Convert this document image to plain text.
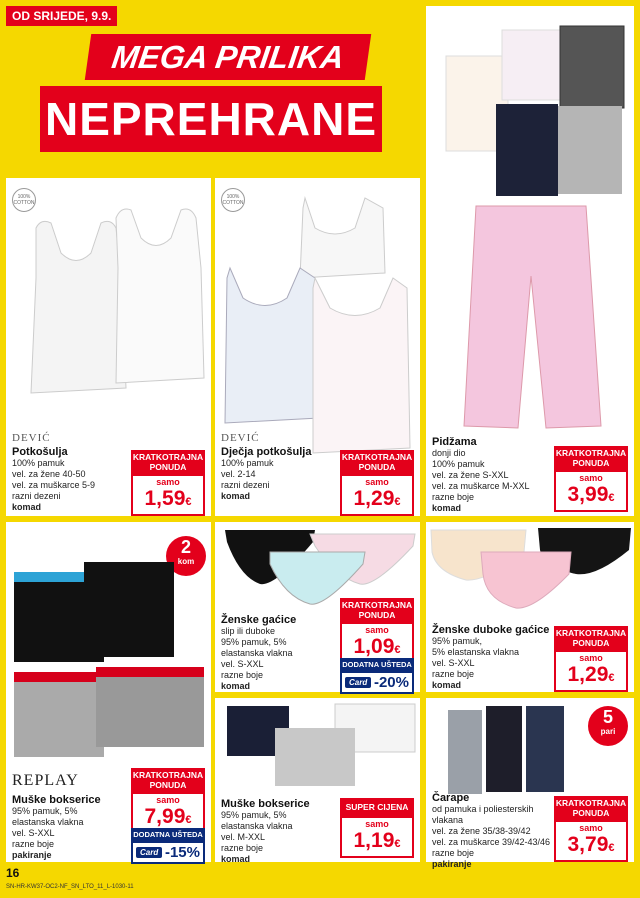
OD SRIJEDE, 9.9.
MEGA PRILIKA
NEPREHRANE
100% COTTON
DEVIĆ
Potkošulja
100% pamuk
vel. za žene 40-50
vel. za muškarce 5-9
razni dezeni
komad
KRATKOTRAJNA PONUDA
samo
1,59€
100% COTTON
DEVIĆ
Dječja potkošulja
100% pamuk
vel. 2-14
razni dezeni
komad
KRATKOTRAJNA PONUDA
samo
1,29€
Pidžama
donji dio
100% pamuk
vel. za žene S-XXL
vel. za muškarce M-XXL
razne boje
komad
KRATKOTRAJNA PONUDA
samo
3,99€
2
kom
REPLAY
Muške bokserice
95% pamuk, 5%
elastanska vlakna
vel. S-XXL
razne boje
pakiranje
KRATKOTRAJNA PONUDA
samo
7,99€
DODATNA UŠTEDA
Card -15%
Ženske gaćice
slip ili duboke
95% pamuk, 5%
elastanska vlakna
vel. S-XXL
razne boje
komad
KRATKOTRAJNA PONUDA
samo
1,09€
DODATNA UŠTEDA
Card -20%
Ženske duboke gaćice
95% pamuk,
5% elastanska vlakna
vel. S-XXL
razne boje
komad
KRATKOTRAJNA PONUDA
samo
1,29€
Muške bokserice
95% pamuk, 5%
elastanska vlakna
vel. M-XXL
razne boje
komad
SUPER CIJENA
samo
1,19€
5
pari
Čarape
od pamuka i poliesterskih
vlakana
vel. za žene 35/38-39/42
vel. za muškarce 39/42-43/46
razne boje
pakiranje
KRATKOTRAJNA PONUDA
samo
3,79€
16
SN-HR-KW37-OC2-NF_SN_LTO_11_L-1030-11
